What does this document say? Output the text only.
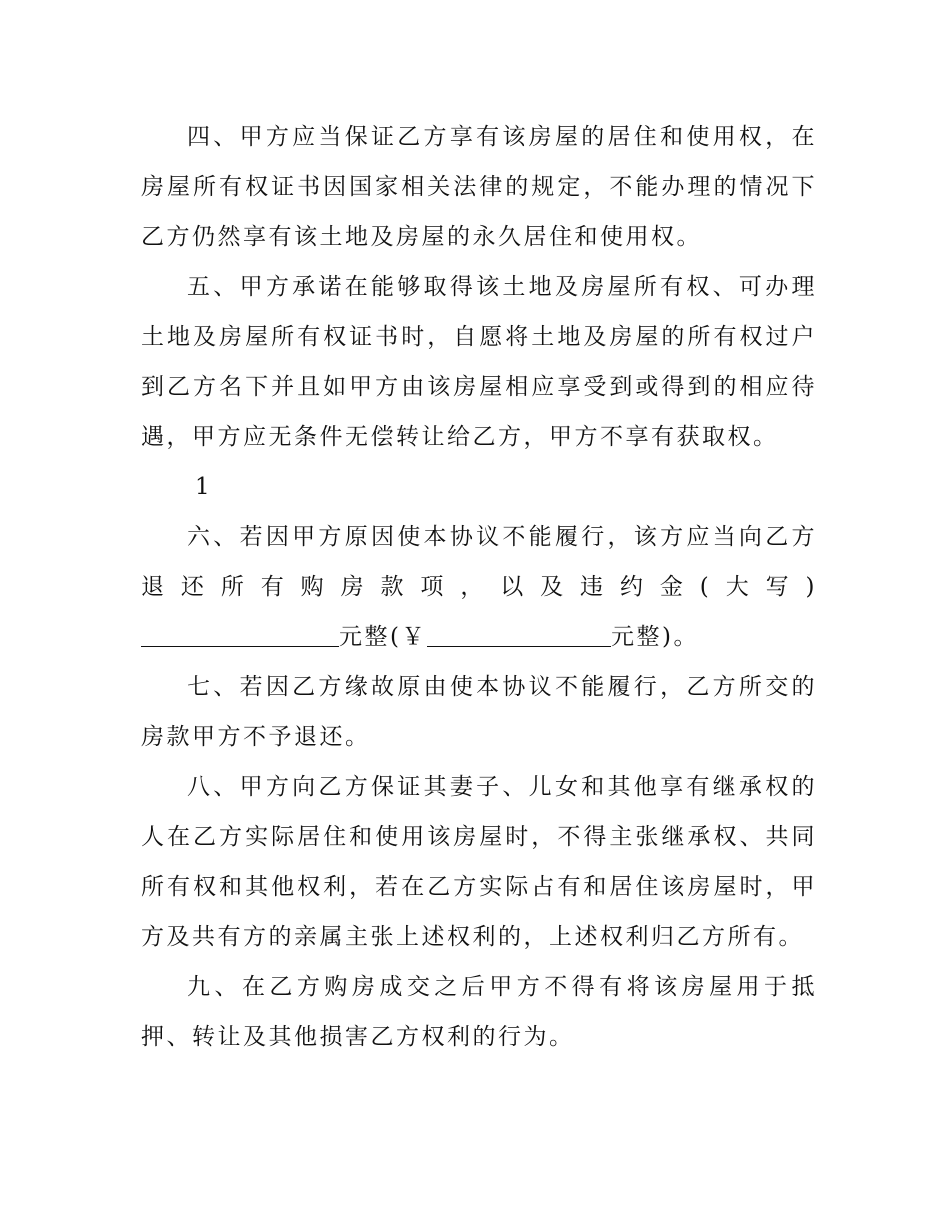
四、甲方应当保证乙方享有该房屋的居住和使用权，在房屋所有权证书因国家相关法律的规定，不能办理的情况下乙方仍然享有该土地及房屋的永久居住和使用权。

五、甲方承诺在能够取得该土地及房屋所有权、可办理土地及房屋所有权证书时，自愿将土地及房屋的所有权过户到乙方名下并且如甲方由该房屋相应享受到或得到的相应待遇，甲方应无条件无偿转让给乙方，甲方不享有获取权。

1

六、若因甲方原因使本协议不能履行，该方应当向乙方退还所有购房款项，以及违约金(大写)元整(￥	元整)。

七、若因乙方缘故原由使本协议不能履行，乙方所交的房款甲方不予退还。

八、甲方向乙方保证其妻子、儿女和其他享有继承权的人在乙方实际居住和使用该房屋时，不得主张继承权、共同所有权和其他权利，若在乙方实际占有和居住该房屋时，甲方及共有方的亲属主张上述权利的，上述权利归乙方所有。

九、在乙方购房成交之后甲方不得有将该房屋用于抵押、转让及其他损害乙方权利的行为。
